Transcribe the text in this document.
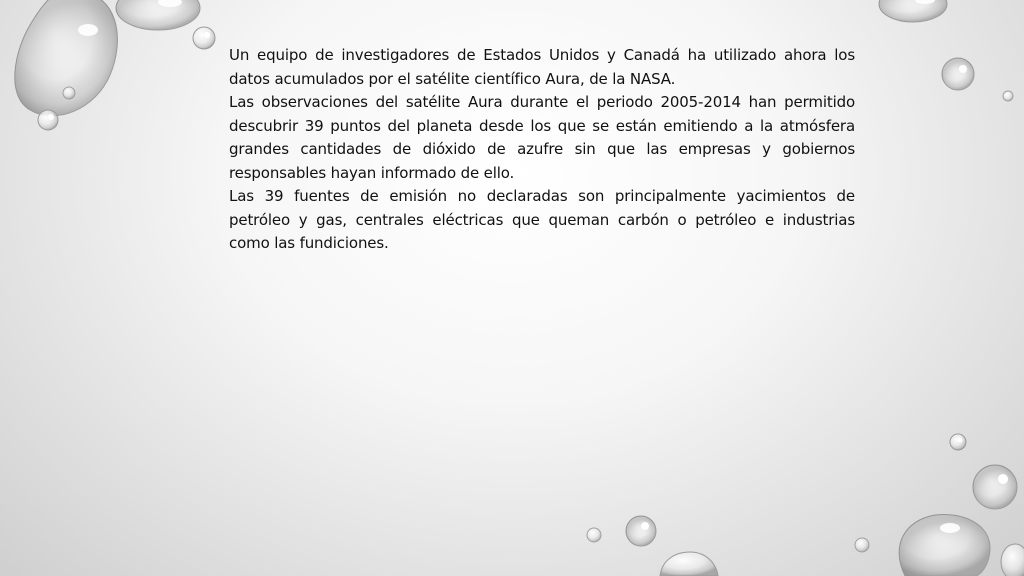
Un equipo de investigadores de Estados Unidos y Canadá ha utilizado ahora los datos acumulados por el satélite científico Aura, de la NASA.

Las observaciones del satélite Aura durante el periodo 2005-2014 han permitido descubrir 39 puntos del planeta desde los que se están emitiendo a la atmósfera grandes cantidades de dióxido de azufre sin que las empresas y gobiernos responsables hayan informado de ello.

Las 39 fuentes de emisión no declaradas son principalmente yacimientos de petróleo y gas, centrales eléctricas que queman carbón o petróleo e industrias como las fundiciones.
